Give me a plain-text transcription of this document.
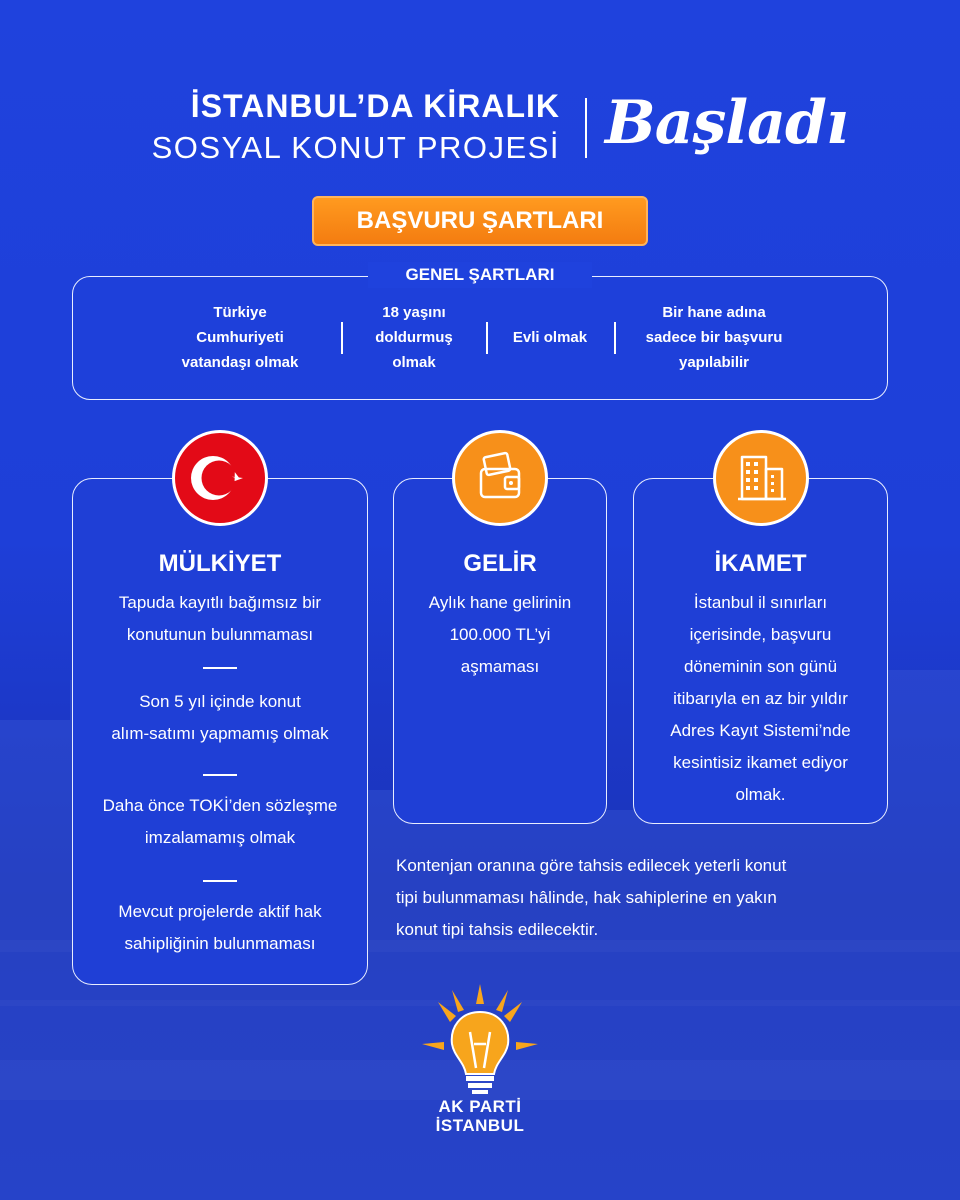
İSTANBUL’DA KİRALIK
SOSYAL KONUT PROJESİ Başladı
BAŞVURU ŞARTLARI
GENEL ŞARTLARI
Türkiye
Cumhuriyeti
vatandaşı olmak
18 yaşını
doldurmuş
olmak
Evli olmak
Bir hane adına
sadece bir başvuru
yapılabilir
MÜLKİYET
Tapuda kayıtlı bağımsız bir
konutunun bulunmaması
Son 5 yıl içinde konut
alım-satımı yapmamış olmak
Daha önce TOKİ’den sözleşme
imzalamamış olmak
Mevcut projelerde aktif hak
sahipliğinin bulunmaması
GELİR
Aylık hane gelirinin
100.000 TL’yi
aşmaması
İKAMET
İstanbul il sınırları
içerisinde, başvuru
döneminin son günü
itibarıyla en az bir yıldır
Adres Kayıt Sistemi’nde
kesintisiz ikamet ediyor
olmak.
Kontenjan oranına göre tahsis edilecek yeterli konut
tipi bulunmaması hâlinde, hak sahiplerine en yakın
konut tipi tahsis edilecektir.
AK PARTİ
İSTANBUL
